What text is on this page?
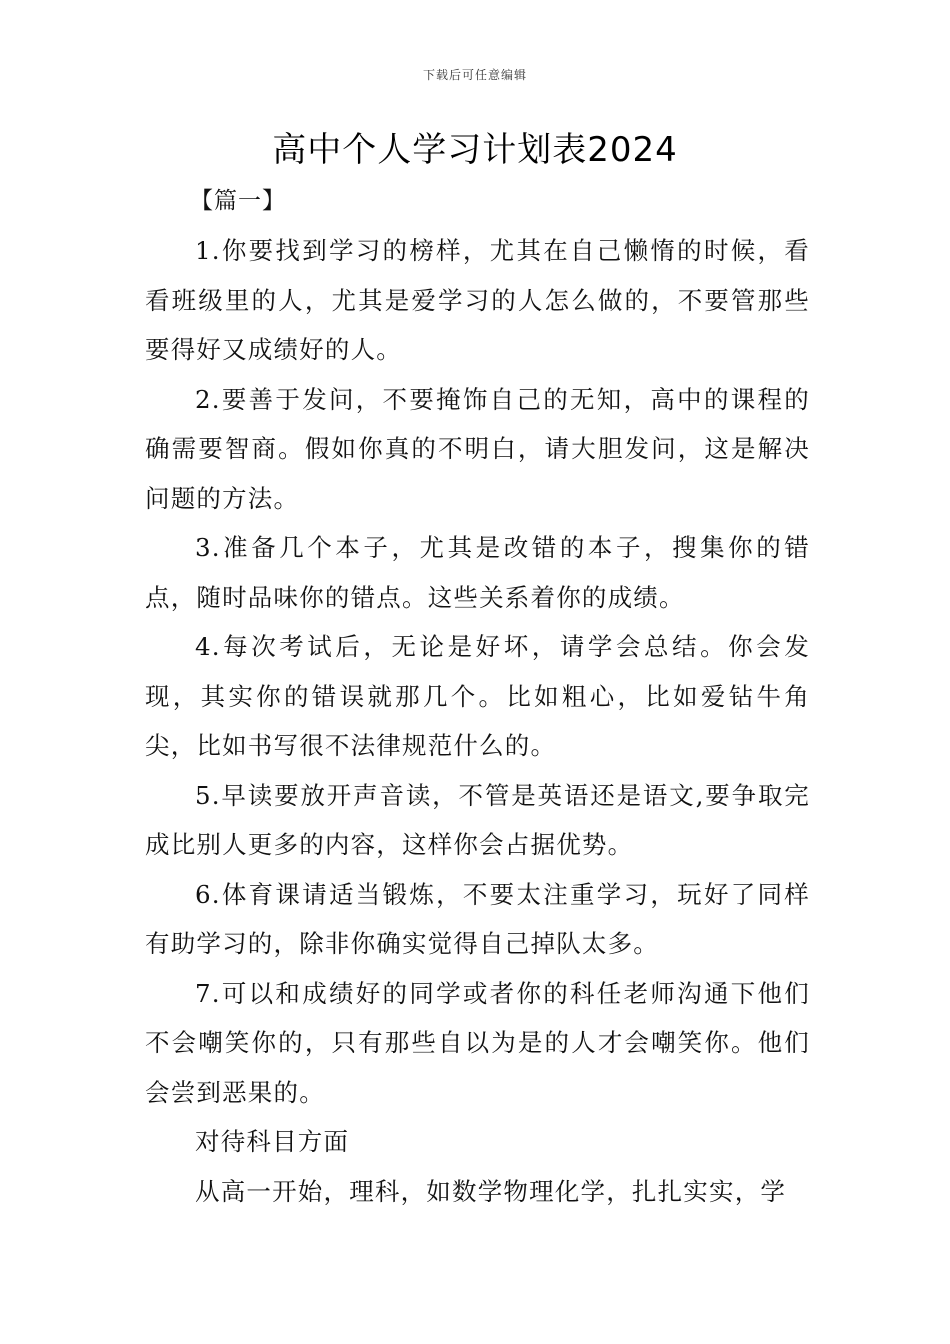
下载后可任意编辑
高中个人学习计划表2024
【篇一】

1.你要找到学习的榜样，尤其在自己懒惰的时候，看看班级里的人，尤其是爱学习的人怎么做的，不要管那些要得好又成绩好的人。

2.要善于发问，不要掩饰自己的无知，高中的课程的确需要智商。假如你真的不明白，请大胆发问，这是解决问题的方法。

3.准备几个本子，尤其是改错的本子，搜集你的错点，随时品味你的错点。这些关系着你的成绩。

4.每次考试后，无论是好坏，请学会总结。你会发现，其实你的错误就那几个。比如粗心，比如爱钻牛角尖，比如书写很不法律规范什么的。

5.早读要放开声音读，不管是英语还是语文,要争取完成比别人更多的内容，这样你会占据优势。

6.体育课请适当锻炼，不要太注重学习，玩好了同样有助学习的，除非你确实觉得自己掉队太多。

7.可以和成绩好的同学或者你的科任老师沟通下他们不会嘲笑你的，只有那些自以为是的人才会嘲笑你。他们会尝到恶果的。

对待科目方面

从高一开始，理科，如数学物理化学，扎扎实实，学
